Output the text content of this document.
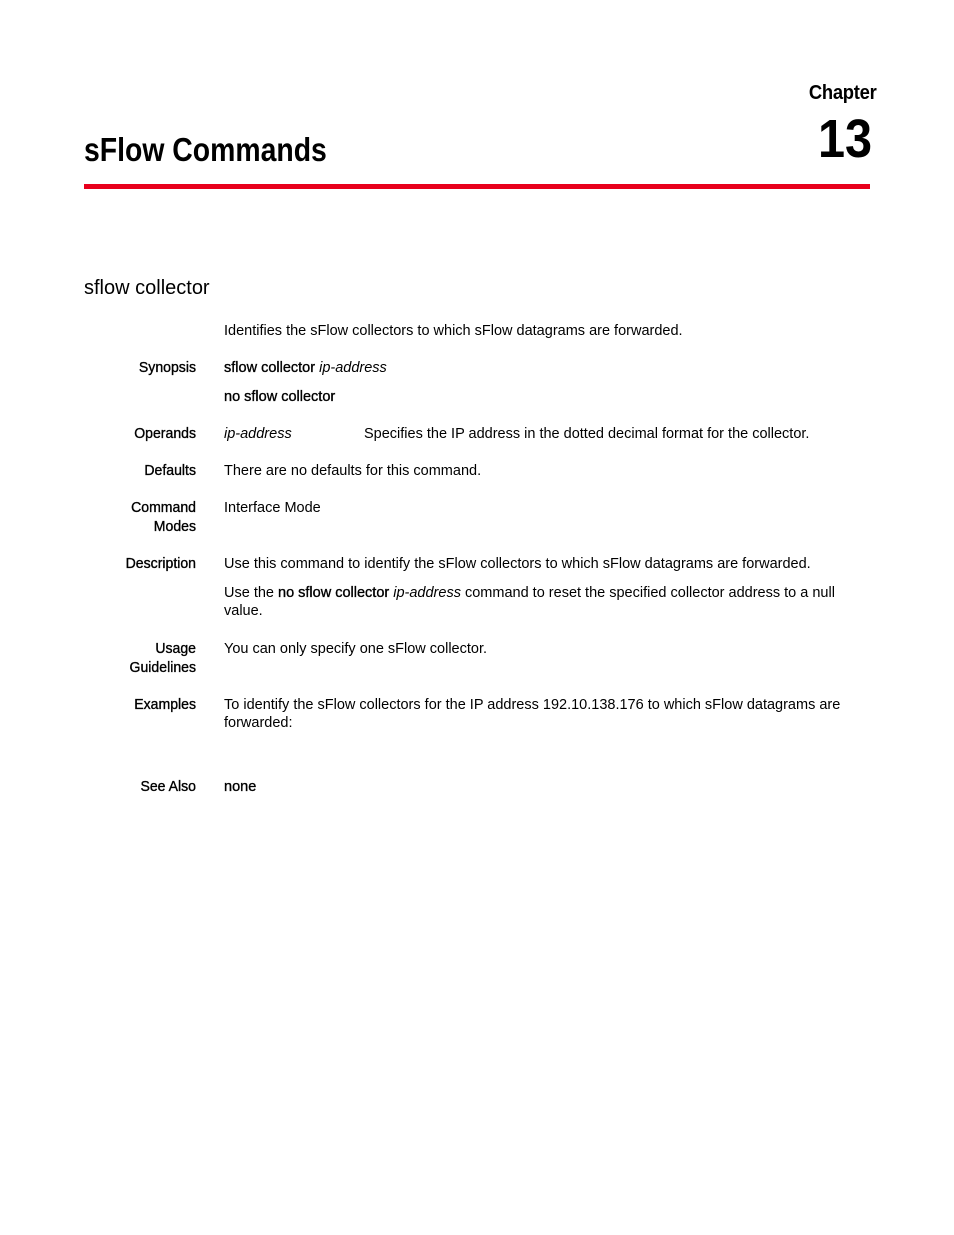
Chapter
13
sFlow Commands
sflow collector
Identifies the sFlow collectors to which sFlow datagrams are forwarded.
Synopsis sflow collector ip-address
no sflow collector
Operands ip-address	Specifies the IP address in the dotted decimal format for the collector.
Defaults There are no defaults for this command.
Command
Modes
Interface Mode
Description Use this command to identify the sFlow collectors to which sFlow datagrams are forwarded.
Use the no sflow collector ip-address command to reset the specified collector address to a null value.
Usage
Guidelines
You can only specify one sFlow collector.
Examples To identify the sFlow collectors for the IP address 192.10.138.176 to which sFlow datagrams are forwarded:
See Also none
